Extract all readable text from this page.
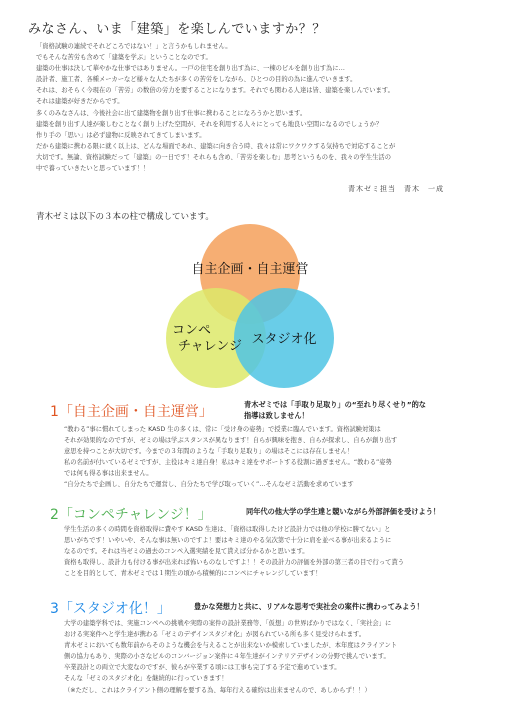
みなさん、いま「建築」を楽しんでいますか？？

「資格試験の連続でそれどころではない！」と言うかもしれません。

でもそんな苦労も含めて「建築を学ぶ」ということなのです。

建築の仕事は決して華やかな仕事ではありません。一戸の住宅を創り出す為に、一棟のビルを創り出す為に…

設計者、施工者、各種メーカーなど様々な人たちが多くの苦労をしながら、ひとつの目的の為に進んでいきます。

それは、おそらく今現在の「苦労」の数倍の労力を要することになります。それでも関わる人達は皆、建築を楽しんでいます。

それは建築が好きだからです。

多くのみなさんは、今後社会に出て建築物を創り出す仕事に携わることになろうかと思います。

建築を創り出す人達が楽しむことなく創り上げた空間が、それを利用する人々にとっても地良い空間になるのでしょうか？

作り手の「思い」は必ず建物に反映されてきてしまいます。

だから建築に携わる限に就く以上は、どんな場面であれ、建築に向き合う時、我々は常にワクワクする気持ちで対応することが

大切です。無論、資格試験だって「建築」の一日です！それらも含め、「苦労を楽しむ」思考というものを、我々の学生生活の

中で養っていきたいと思っています！！

青木ゼミ担当　青木　一成
青木ゼミは以下の３本の柱で構成しています。
自主企画・自主運営
コンペ
チャレンジ スタジオ化
1「自主企画・自主運営」	青木ゼミでは「手取り足取り」の“至れり尽くせり”的な
指導は致しません！

“教わる”事に慣れてしまった KASD 生の多くは、常に「受け身の姿勢」で授業に臨んでいます。資格試験対策は

それが効果的なのですが、ゼミの場は学ぶスタンスが異なります！自らが興味を抱き、自らが探求し、自らが創り出す

意思を持つことが大切です。今までの３年間のような「手取り足取り」の場はそこには存在しません！

私の名前が付いているゼミですが、主役はキミ達自身！私はキミ達をサポートする役割に過ぎません。“教わる”姿勢

では何も得る事は出来ません。

“自分たちで企画し、自分たちで運営し、自分たちで学び取っていく”…そんなゼミ活動を求めています

2「コンペチャレンジ！」	同年代の他大学の学生達と競いながら外部評価を受けよう！

学生生活の多くの時間を資格取得に費やす KASD 生達は、「資格は取得したけど設計力では他の学校に勝てない」と

思いがちです！いやいや、そんな事は無いのですよ！要はキミ達のやる気次第で十分に肩を並べる事が出来るように

なるのです。それは当ゼミの過去のコンペ入選実績を見て貰えば分かるかと思います。

資格も取得し、設計力も付ける事が出来れば怖いものなしですよ！！その設計力の評価を外部の第三者の目で行って貰う

ことを目的として、青木ゼミでは１期生の頃から積極的にコンペにチャレンジしています！

3「スタジオ化！」	豊かな発想力と共に、リアルな思考で実社会の案件に携わってみよう！

大学の建築学科では、実施コンペへの挑戦や実際の案件の設計業務等、「仮想」の世界ばかりではなく、「実社会」に

おける実案件へと学生達が携わる「ゼミのデザインスタジオ化」が図られている所も多く見受けられます。

青木ゼミにおいても数年前からそのような機会を与えることが出来ないか模索していましたが、本年度はクライアント

側の協力もあり、実際の小さなビルのコンバージョン案件に４年生達がインテリアデザインの分野で挑んでいます。

卒業設計との両立で大変なのですが、彼らが卒業する頃には工事も完了する予定で進めています。

そんな「ゼミのスタジオ化」を継続的に行っていきます！

（※ただし、これはクライアント側の理解を要する為、毎年行える確約は出来ませんので、あしからず！！）
